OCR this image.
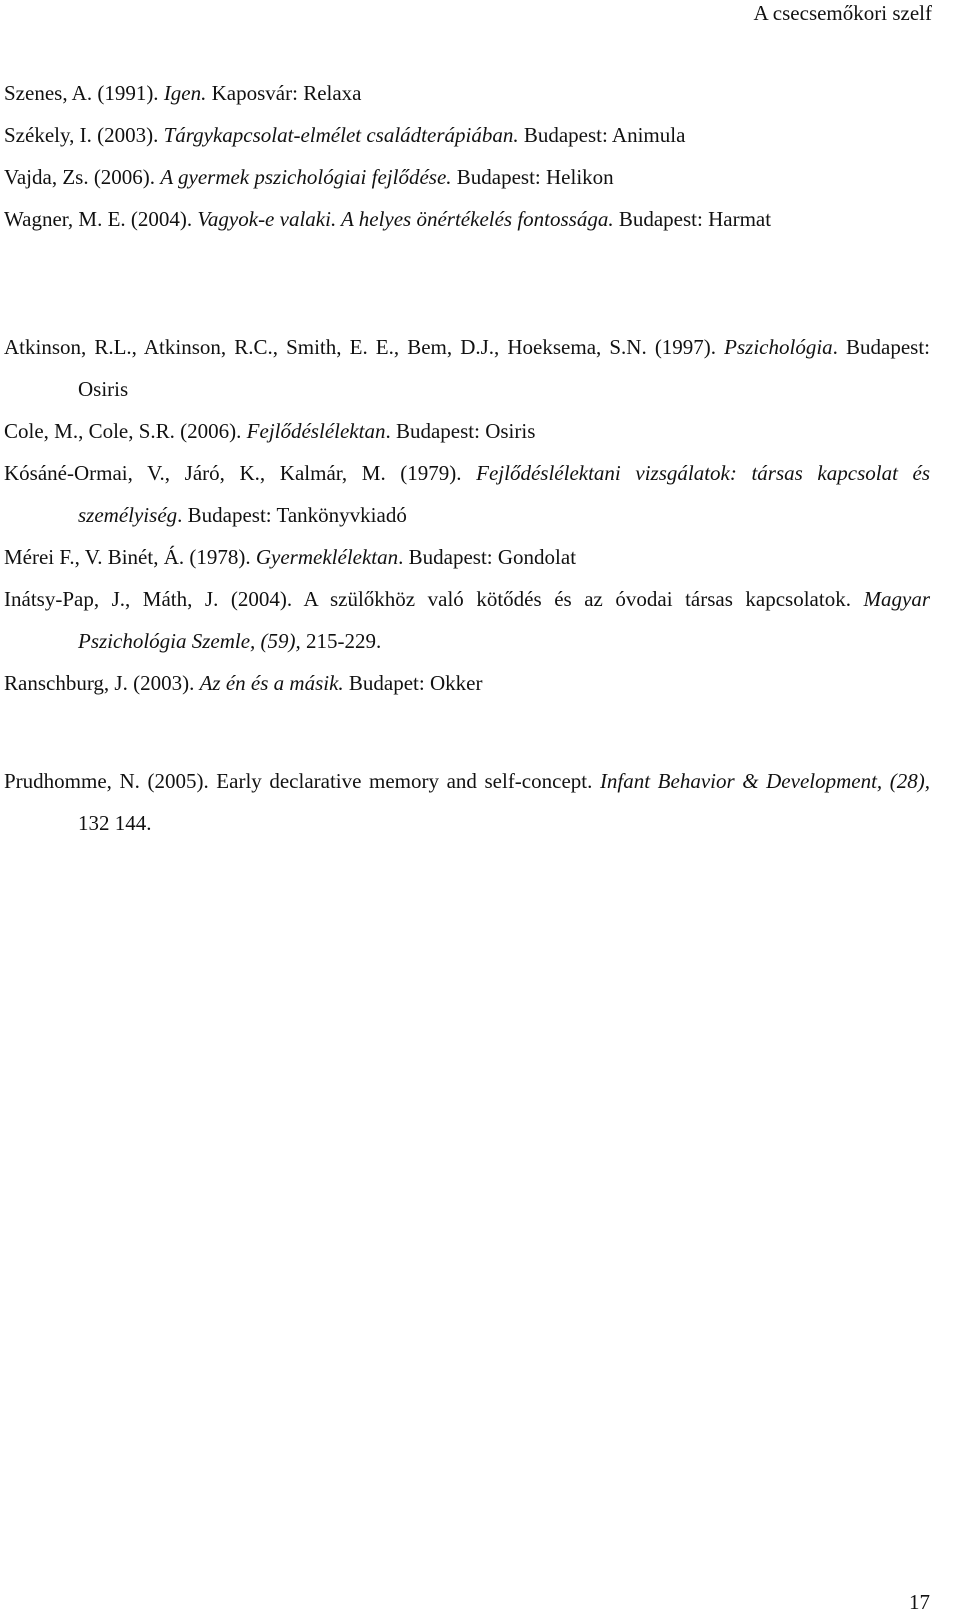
A csecsemőkori szelf
Szenes, A. (1991). Igen. Kaposvár: Relaxa
Székely, I. (2003). Tárgykapcsolat-elmélet családterápiában. Budapest: Animula
Vajda, Zs. (2006). A gyermek pszichológiai fejlődése. Budapest: Helikon
Wagner, M. E. (2004). Vagyok-e valaki. A helyes önértékelés fontossága. Budapest: Harmat
Atkinson, R.L., Atkinson, R.C., Smith, E. E., Bem, D.J., Hoeksema, S.N. (1997). Pszichológia. Budapest: Osiris
Cole, M., Cole, S.R. (2006). Fejlődéslélektan. Budapest: Osiris
Kósáné-Ormai, V., Járó, K., Kalmár, M. (1979). Fejlődéslélektani vizsgálatok: társas kapcsolat és személyiség. Budapest: Tankönyvkiadó
Mérei F., V. Binét, Á. (1978). Gyermeklélektan. Budapest: Gondolat
Inátsy-Pap, J., Máth, J. (2004). A szülőkhöz való kötődés és az óvodai társas kapcsolatok. Magyar Pszichológia Szemle, (59), 215-229.
Ranschburg, J. (2003). Az én és a másik. Budapet: Okker
Prudhomme, N. (2005). Early declarative memory and self-concept. Infant Behavior & Development, (28), 132 144.
17
